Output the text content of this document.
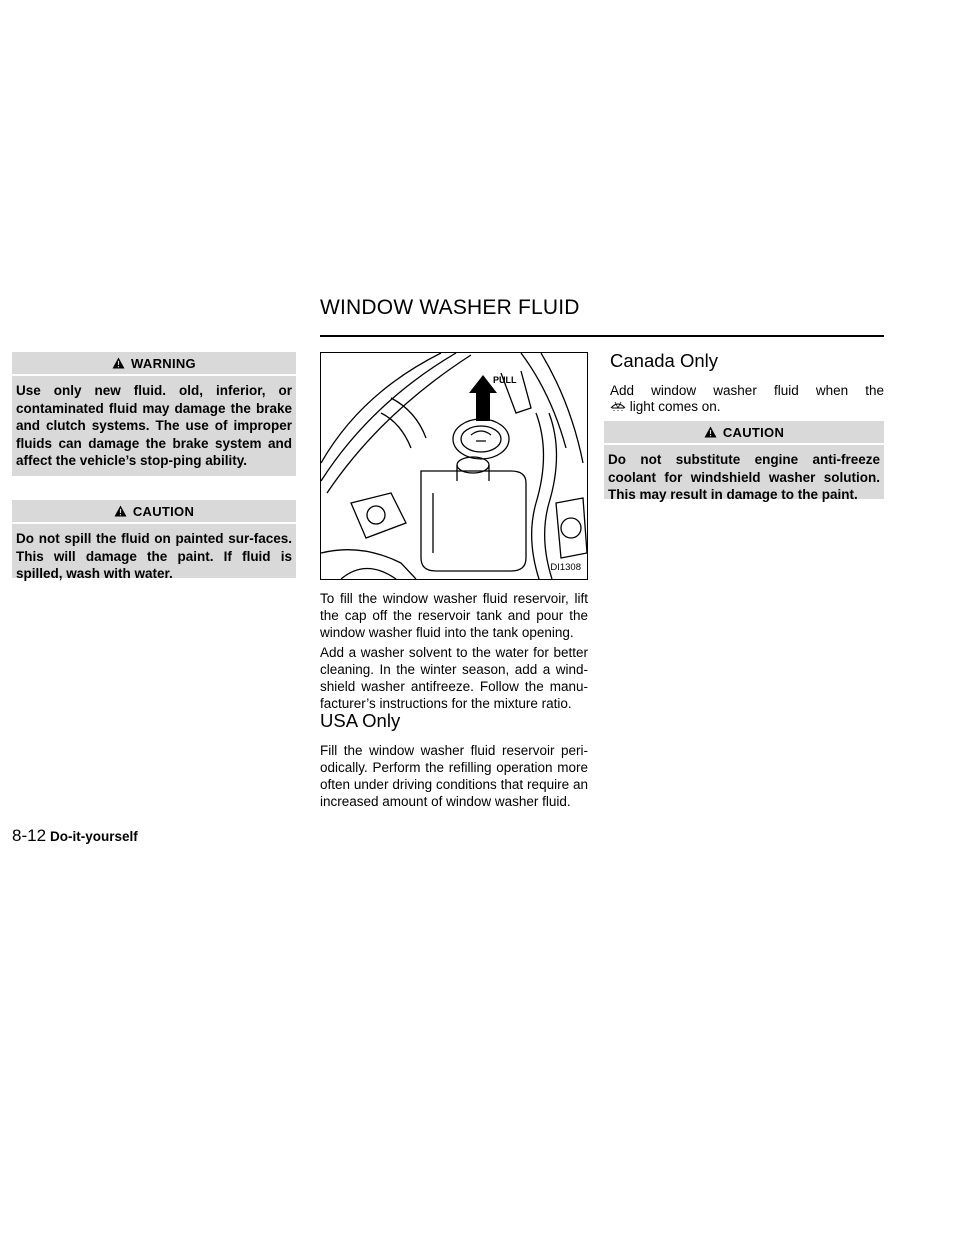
WINDOW WASHER FLUID
WARNING
Use only new fluid. old, inferior, or contaminated fluid may damage the brake and clutch systems. The use of improper fluids can damage the brake system and affect the vehicle’s stop-ping ability.
CAUTION
Do not spill the fluid on painted sur-faces. This will damage the paint. If fluid is spilled, wash with water.
PULL
DI1308
To fill the window washer fluid reservoir, lift the cap off the reservoir tank and pour the window washer fluid into the tank opening.
Add a washer solvent to the water for better cleaning. In the winter season, add a wind-shield washer antifreeze. Follow the manu-facturer’s instructions for the mixture ratio.
USA Only
Fill the window washer fluid reservoir peri-odically. Perform the refilling operation more often under driving conditions that require an increased amount of window washer fluid.
Canada Only
Add window washer fluid when the
light comes on.
CAUTION
Do not substitute engine anti-freeze coolant for windshield washer solution. This may result in damage to the paint.
8-12 Do-it-yourself
